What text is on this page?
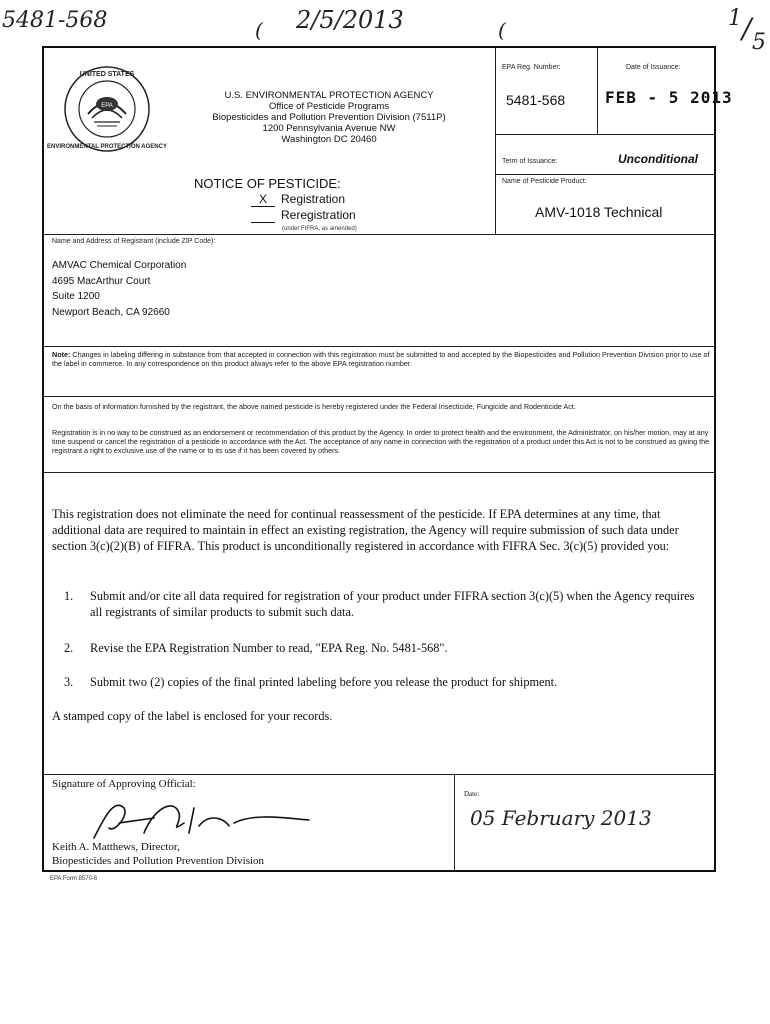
5481-568	( 2/5/2013	(	1 / 5
EPA
UNITED STATES
ENVIRONMENTAL PROTECTION AGENCY
U.S. ENVIRONMENTAL PROTECTION AGENCY
Office of Pesticide Programs
Biopesticides and Pollution Prevention Division (7511P)
1200 Pennsylvania Avenue NW
Washington DC 20460
NOTICE OF PESTICIDE:
X Registration
Reregistration
(under FIFRA, as amended)
EPA Reg. Number:
5481-568
Date of Issuance:
FEB - 5 2013
Term of Issuance:	Unconditional
Name of Pesticide Product:
AMV-1018 Technical
Name and Address of Registrant (include ZIP Code):
AMVAC Chemical Corporation
4695 MacArthur Court
Suite 1200
Newport Beach, CA 92660
Note: Changes in labeling differing in substance from that accepted in connection with this registration must be submitted to and accepted by the Biopesticides and Pollution Prevention Division prior to use of the label in commerce. In any correspondence on this product always refer to the above EPA registration number.
On the basis of information furnished by the registrant, the above named pesticide is hereby registered under the Federal Insecticide, Fungicide and Rodenticide Act.
Registration is in no way to be construed as an endorsement or recommendation of this product by the Agency. In order to protect health and the environment, the Administrator, on his/her motion, may at any time suspend or cancel the registration of a pesticide in accordance with the Act. The acceptance of any name in connection with the registration of a product under this Act is not to be construed as giving the registrant a right to exclusive use of the name or to its use if it has been covered by others.
This registration does not eliminate the need for continual reassessment of the pesticide. If EPA determines at any time, that additional data are required to maintain in effect an existing registration, the Agency will require submission of such data under section 3(c)(2)(B) of FIFRA. This product is unconditionally registered in accordance with FIFRA Sec. 3(c)(5) provided you:
1. Submit and/or cite all data required for registration of your product under FIFRA section 3(c)(5) when the Agency requires all registrants of similar products to submit such data.
2. Revise the EPA Registration Number to read, "EPA Reg. No. 5481-568".
3. Submit two (2) copies of the final printed labeling before you release the product for shipment.
A stamped copy of the label is enclosed for your records.
Signature of Approving Official:
Keith A. Matthews, Director,
Biopesticides and Pollution Prevention Division
Date:
05 February 2013
EPA Form 8570-6
